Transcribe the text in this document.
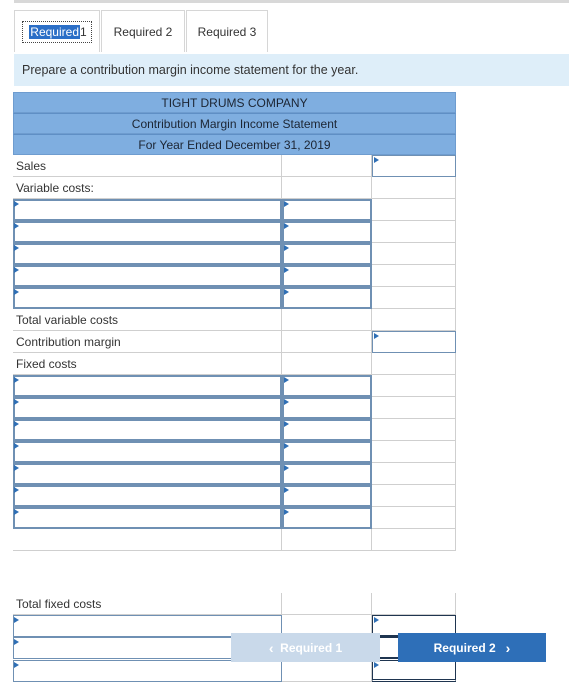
Required 1 Required 2 Required 3
Prepare a contribution margin income statement for the year.
TIGHT DRUMS COMPANY
Contribution Margin Income Statement
For Year Ended December 31, 2019
Sales
Variable costs:
Total variable costs
Contribution margin
Fixed costs
Total fixed costs
‹
Required 1	Required 2
›
